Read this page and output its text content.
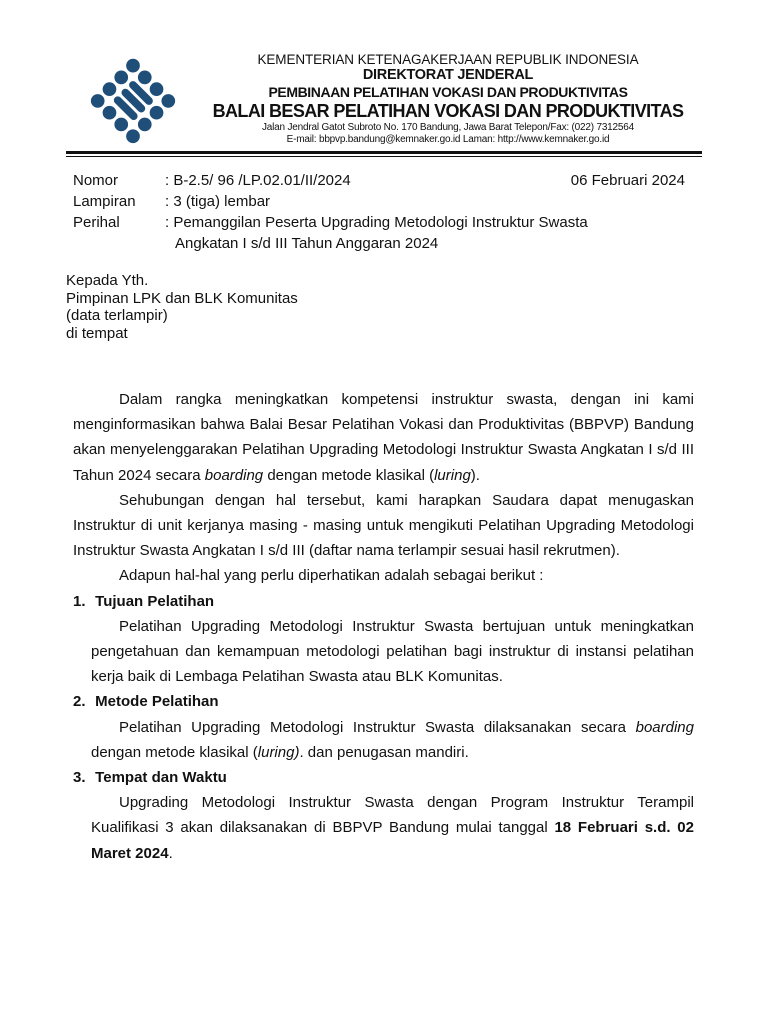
KEMENTERIAN KETENAGAKERJAAN REPUBLIK INDONESIA
DIREKTORAT JENDERAL
PEMBINAAN PELATIHAN VOKASI DAN PRODUKTIVITAS
BALAI BESAR PELATIHAN VOKASI DAN PRODUKTIVITAS
Jalan Jendral Gatot Subroto No. 170 Bandung, Jawa Barat Telepon/Fax: (022) 7312564
E-mail: bbpvp.bandung@kemnaker.go.id Laman: http://www.kemnaker.go.id
06 Februari 2024
Nomor	: B-2.5/ 96 /LP.02.01/II/2024
Lampiran	: 3 (tiga) lembar
Perihal	: Pemanggilan Peserta Upgrading Metodologi Instruktur Swasta
Angkatan I s/d III Tahun Anggaran 2024
Kepada Yth.
Pimpinan LPK dan BLK Komunitas
(data terlampir)
di tempat

Dalam rangka meningkatkan kompetensi instruktur swasta, dengan ini kami menginformasikan bahwa Balai Besar Pelatihan Vokasi dan Produktivitas (BBPVP) Bandung akan menyelenggarakan Pelatihan Upgrading Metodologi Instruktur Swasta Angkatan I s/d III Tahun 2024 secara boarding dengan metode klasikal (luring).

Sehubungan dengan hal tersebut, kami harapkan Saudara dapat menugaskan Instruktur di unit kerjanya masing - masing untuk mengikuti Pelatihan Upgrading Metodologi Instruktur Swasta Angkatan I s/d III (daftar nama terlampir sesuai hasil rekrutmen).

Adapun hal-hal yang perlu diperhatikan adalah sebagai berikut :

1. Tujuan Pelatihan

Pelatihan Upgrading Metodologi Instruktur Swasta bertujuan untuk meningkatkan pengetahuan dan kemampuan metodologi pelatihan bagi instruktur di instansi pelatihan kerja baik di Lembaga Pelatihan Swasta atau BLK Komunitas.

2. Metode Pelatihan

Pelatihan Upgrading Metodologi Instruktur Swasta dilaksanakan secara boarding dengan metode klasikal (luring). dan penugasan mandiri.

3. Tempat dan Waktu

Upgrading Metodologi Instruktur Swasta dengan Program Instruktur Terampil Kualifikasi 3 akan dilaksanakan di BBPVP Bandung mulai tanggal 18 Februari s.d. 02 Maret 2024.
